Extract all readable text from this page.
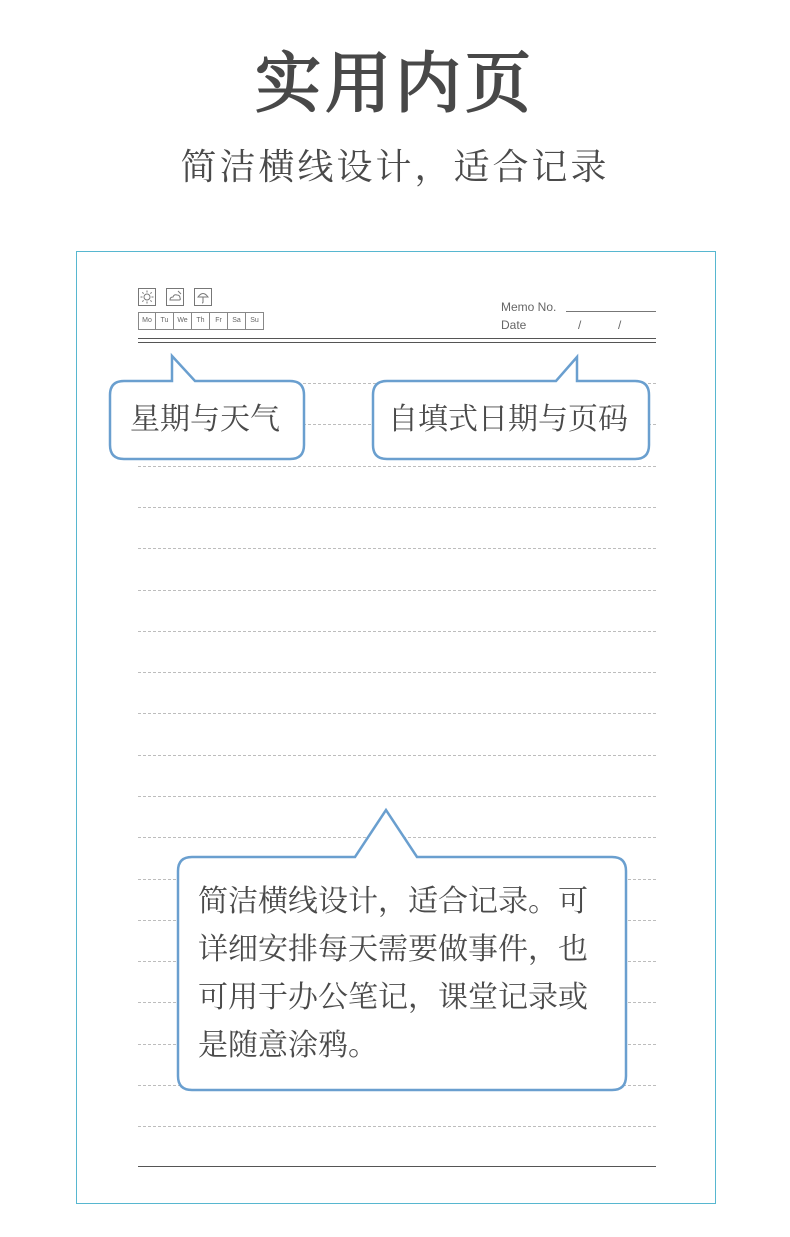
实用内页
简洁横线设计，适合记录
Mo	Tu	We	Th	Fr	Sa	Su
Memo No.
Date	/	/
星期与天气	自填式日期与页码
简洁横线设计，适合记录。可
详细安排每天需要做事件，也
可用于办公笔记，课堂记录或
是随意涂鸦。
